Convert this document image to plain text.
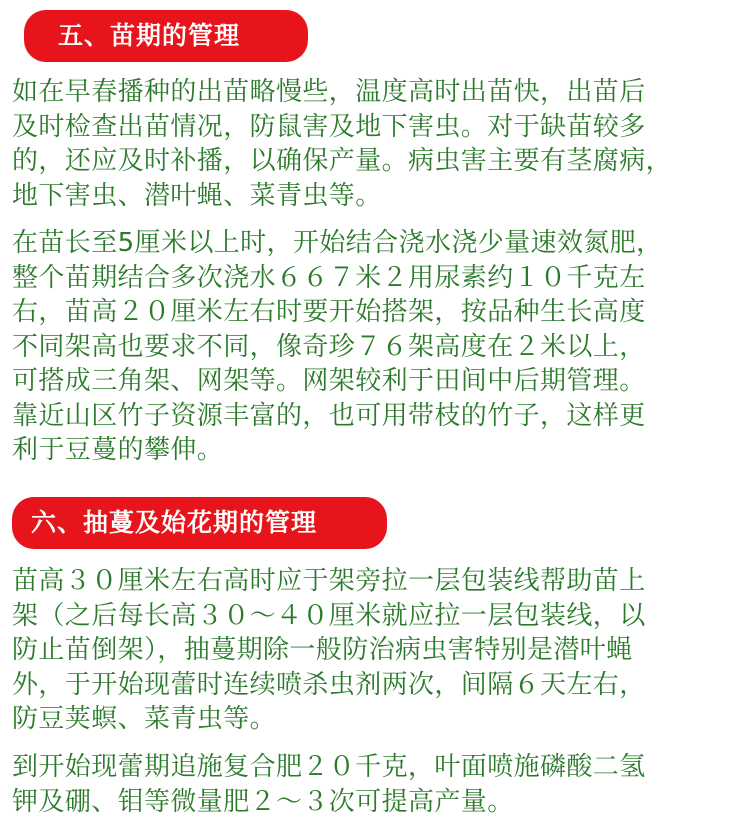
五、苗期的管理
如在早春播种的出苗略慢些，温度高时出苗快，出苗后
及时检查出苗情况，防鼠害及地下害虫。对于缺苗较多
的，还应及时补播，以确保产量。病虫害主要有茎腐病，
地下害虫、潜叶蝇、菜青虫等。
在苗长至5厘米以上时，开始结合浇水浇少量速效氮肥，
整个苗期结合多次浇水６６７米２用尿素约１０千克左
右，苗高２０厘米左右时要开始搭架，按品种生长高度
不同架高也要求不同，像奇珍７６架高度在２米以上，
可搭成三角架、网架等。网架较利于田间中后期管理。
靠近山区竹子资源丰富的，也可用带枝的竹子，这样更
利于豆蔓的攀伸。
六、抽蔓及始花期的管理
苗高３０厘米左右高时应于架旁拉一层包装线帮助苗上
架（之后每长高３０～４０厘米就应拉一层包装线，以
防止苗倒架），抽蔓期除一般防治病虫害特别是潜叶蝇
外，于开始现蕾时连续喷杀虫剂两次，间隔６天左右，
防豆荚螟、菜青虫等。
到开始现蕾期追施复合肥２０千克，叶面喷施磷酸二氢
钾及硼、钼等微量肥２～３次可提高产量。
